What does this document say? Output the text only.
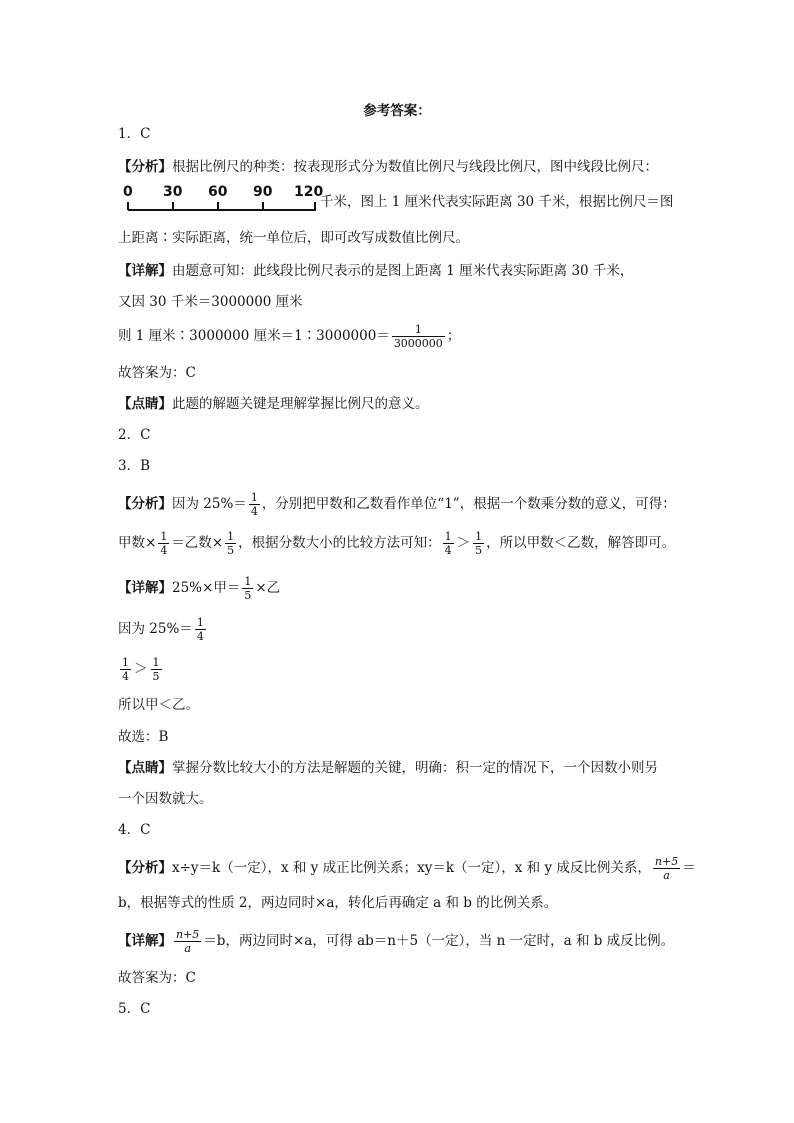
参考答案：
1．C
【分析】根据比例尺的种类：按表现形式分为数值比例尺与线段比例尺，图中线段比例尺：
0 30 60 90 120
千米，图上 1 厘米代表实际距离 30 千米，根据比例尺＝图
上距离∶实际距离，统一单位后，即可改写成数值比例尺。
【详解】由题意可知：此线段比例尺表示的是图上距离 1 厘米代表实际距离 30 千米，
又因 30 千米＝3000000 厘米
则 1 厘米∶3000000 厘米＝1∶3000000＝ $\frac{1}{3000000}$ ；
故答案为：C
【点睛】此题的解题关键是理解掌握比例尺的意义。
2．C
3．B
【分析】因为 $25\%= \frac{1}{4}$ ，分别把甲数和乙数看作单位“1”，根据一个数乘分数的意义，可得：
甲数× $\frac{1}{4}$ ＝乙数× $\frac{1}{5}$ ，根据分数大小的比较方法可知： $\frac{1}{4} > \frac{1}{5}$ ，所以甲数＜乙数，解答即可。
【详解】25%×甲＝ $\frac{1}{5}$ ×乙
因为 $25\%= \frac{1}{4}$
$\frac{1}{4} > \frac{1}{5}$
所以甲＜乙。
故选：B
【点睛】掌握分数比较大小的方法是解题的关键，明确：积一定的情况下，一个因数小则另
一个因数就大。
4．C
【分析】x÷y＝k（一定），x 和 y 成正比例关系；xy＝k（一定），x 和 y 成反比例关系， $\frac{n+5}{a}$ ＝
b，根据等式的性质 2，两边同时×a，转化后再确定 a 和 b 的比例关系。
【详解】 $\frac{n+5}{a} =b$，两边同时×a，可得 ab＝n＋5（一定），当 n 一定时，a 和 b 成反比例。
故答案为：C
5．C
